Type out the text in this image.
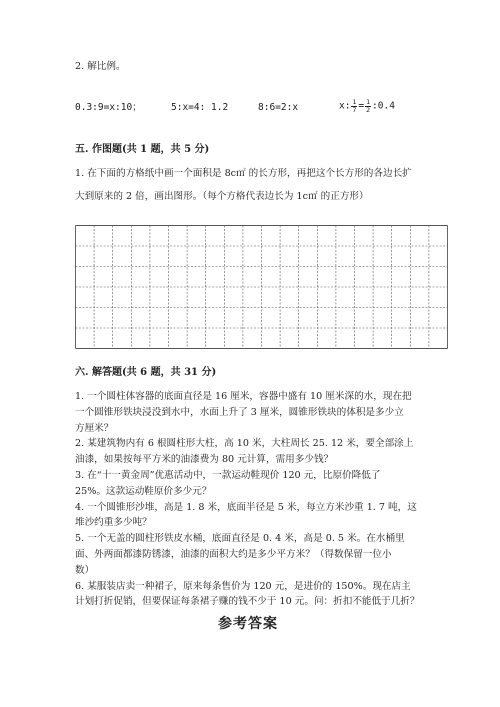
2. 解比例。
0.3:9=x:10；	5:x=4: 1.2	8:6=2:x	x: $\frac{1}{7} = \frac{1}{2}$ :0.4
五. 作图题(共 1 题，共 5 分)
1. 在下面的方格纸中画一个面积是 8c㎡ 的长方形，再把这个长方形的各边长扩
大到原来的 2 倍，画出图形。（每个方格代表边长为 1c㎡ 的正方形）
六. 解答题(共 6 题，共 31 分)
1. 一个圆柱体容器的底面直径是 16 厘米，容器中盛有 10 厘米深的水，现在把
一个圆锥形铁块浸没到水中，水面上升了 3 厘米，圆锥形铁块的体积是多少立
方厘米？
2. 某建筑物内有 6 根圆柱形大柱，高 10 米，大柱周长 25. 12 米，要全部涂上
油漆，如果按每平方米的油漆费为 80 元计算，需用多少钱？
3. 在“十一黄金周”优惠活动中，一款运动鞋现价 120 元，比原价降低了
25%。这款运动鞋原价多少元？
4. 一个圆锥形沙堆，高是 1. 8 米，底面半径是 5 米，每立方米沙重 1. 7 吨，这
堆沙约重多少吨？
5. 一个无盖的圆柱形铁皮水桶，底面直径是 0. 4 米，高是 0. 5 米。在水桶里
面、外两面都漆防锈漆，油漆的面积大约是多少平方米？（得数保留一位小
数）
6. 某服装店卖一种裙子，原来每条售价为 120 元，是进价的 150%。现在店主
计划打折促销，但要保证每条裙子赚的钱不少于 10 元。问：折扣不能低于几折？
参考答案
